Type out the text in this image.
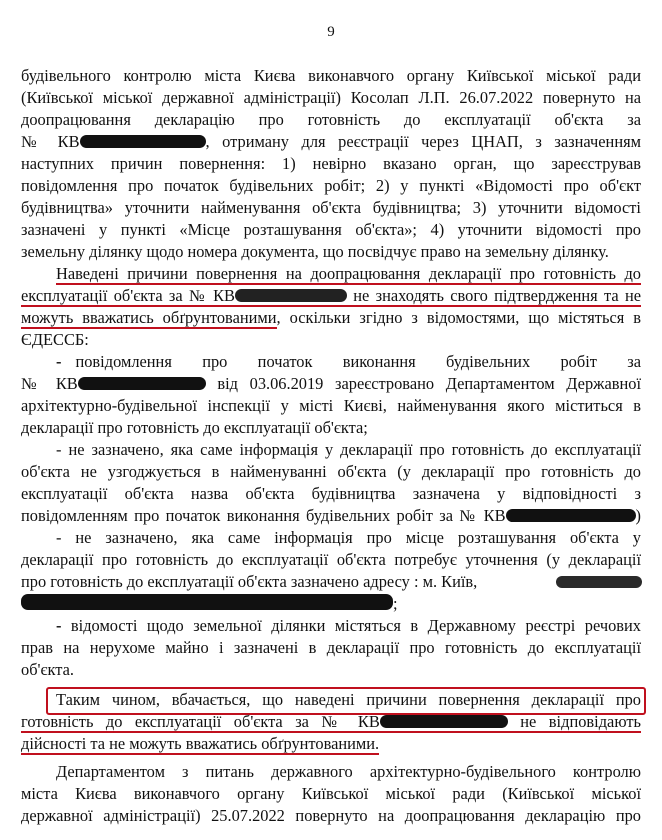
9
будівельного контролю міста Києва виконавчого органу Київської міської ради
(Київської міської державної адміністрації) Косолап Л.П. 26.07.2022 повернуто на
доопрацювання декларацію про готовність до експлуатації об'єкта за
№ КВ	, отриману для реєстрації через ЦНАП, з зазначенням
наступних причин повернення: 1) невірно вказано орган, що зареєстрував
повідомлення про початок будівельних робіт; 2) у пункті «Відомості про об'єкт
будівництва» уточнити найменування об'єкта будівництва; 3) уточнити відомості
зазначені у пункті «Місце розташування об'єкта»; 4) уточнити відомості про
земельну ділянку щодо номера документа, що посвідчує право на земельну ділянку.
Наведені причини повернення на доопрацювання декларації про готовність до
експлуатації об'єкта за № КВ	не знаходять свого підтвердження та не
можуть вважатись обґрунтованими, оскільки згідно з відомостями, що містяться в
ЄДЕССБ:
- повідомлення про початок виконання будівельних робіт за
№ КВ	від 03.06.2019 зареєстровано Департаментом Державної
архітектурно-будівельної інспекції у місті Києві, найменування якого міститься в
декларації про готовність до експлуатації об'єкта;
- не зазначено, яка саме інформація у декларації про готовність до експлуатації
об'єкта не узгоджується в найменуванні об'єкта (у декларації про готовність до
експлуатації об'єкта назва об'єкта будівництва зазначена у відповідності з
повідомленням про початок виконання будівельних робіт за № КВ	)
- не зазначено, яка саме інформація про місце розташування об'єкта у
декларації про готовність до експлуатації об'єкта потребує уточнення (у декларації
про готовність до експлуатації об'єкта зазначено адресу : м. Київ,
;
- відомості щодо земельної ділянки містяться в Державному реєстрі речових
прав на нерухоме майно і зазначені в декларації про готовність до експлуатації
об'єкта.
Таким чином, вбачається, що наведені причини повернення декларації про
готовність до експлуатації об'єкта за № КВ	не відповідають
дійсності та не можуть вважатись обґрунтованими.
Департаментом з питань державного архітектурно-будівельного контролю
міста Києва виконавчого органу Київської міської ради (Київської міської
державної адміністрації) 25.07.2022 повернуто на доопрацювання декларацію про
